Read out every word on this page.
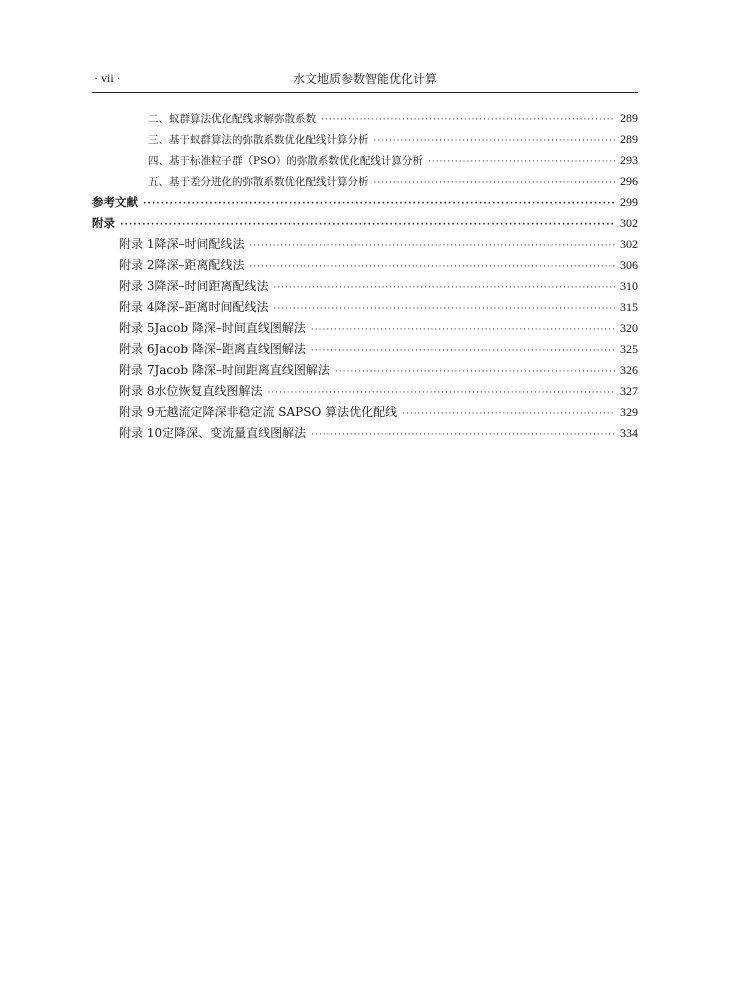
· vii ·	水文地质参数智能优化计算
二、蚁群算法优化配线求解弥散系数 ·····	289
三、基于蚁群算法的弥散系数优化配线计算分析 ·····	289
四、基于标准粒子群（PSO）的弥散系数优化配线计算分析 ·····	293
五、基于差分进化的弥散系数优化配线计算分析 ·····	296
参考文献 ·····	299
附录 ·····	302
附录 1 降深–时间配线法 ·····	302
附录 2 降深–距离配线法 ·····	306
附录 3 降深–时间距离配线法 ·····	310
附录 4 降深–距离时间配线法 ·····	315
附录 5 Jacob 降深–时间直线图解法 ·····	320
附录 6 Jacob 降深–距离直线图解法 ·····	325
附录 7 Jacob 降深–时间距离直线图解法 ·····	326
附录 8 水位恢复直线图解法 ·····	327
附录 9 无越流定降深非稳定流 SAPSO 算法优化配线 ·····	329
附录 10 定降深、变流量直线图解法 ·····	334
